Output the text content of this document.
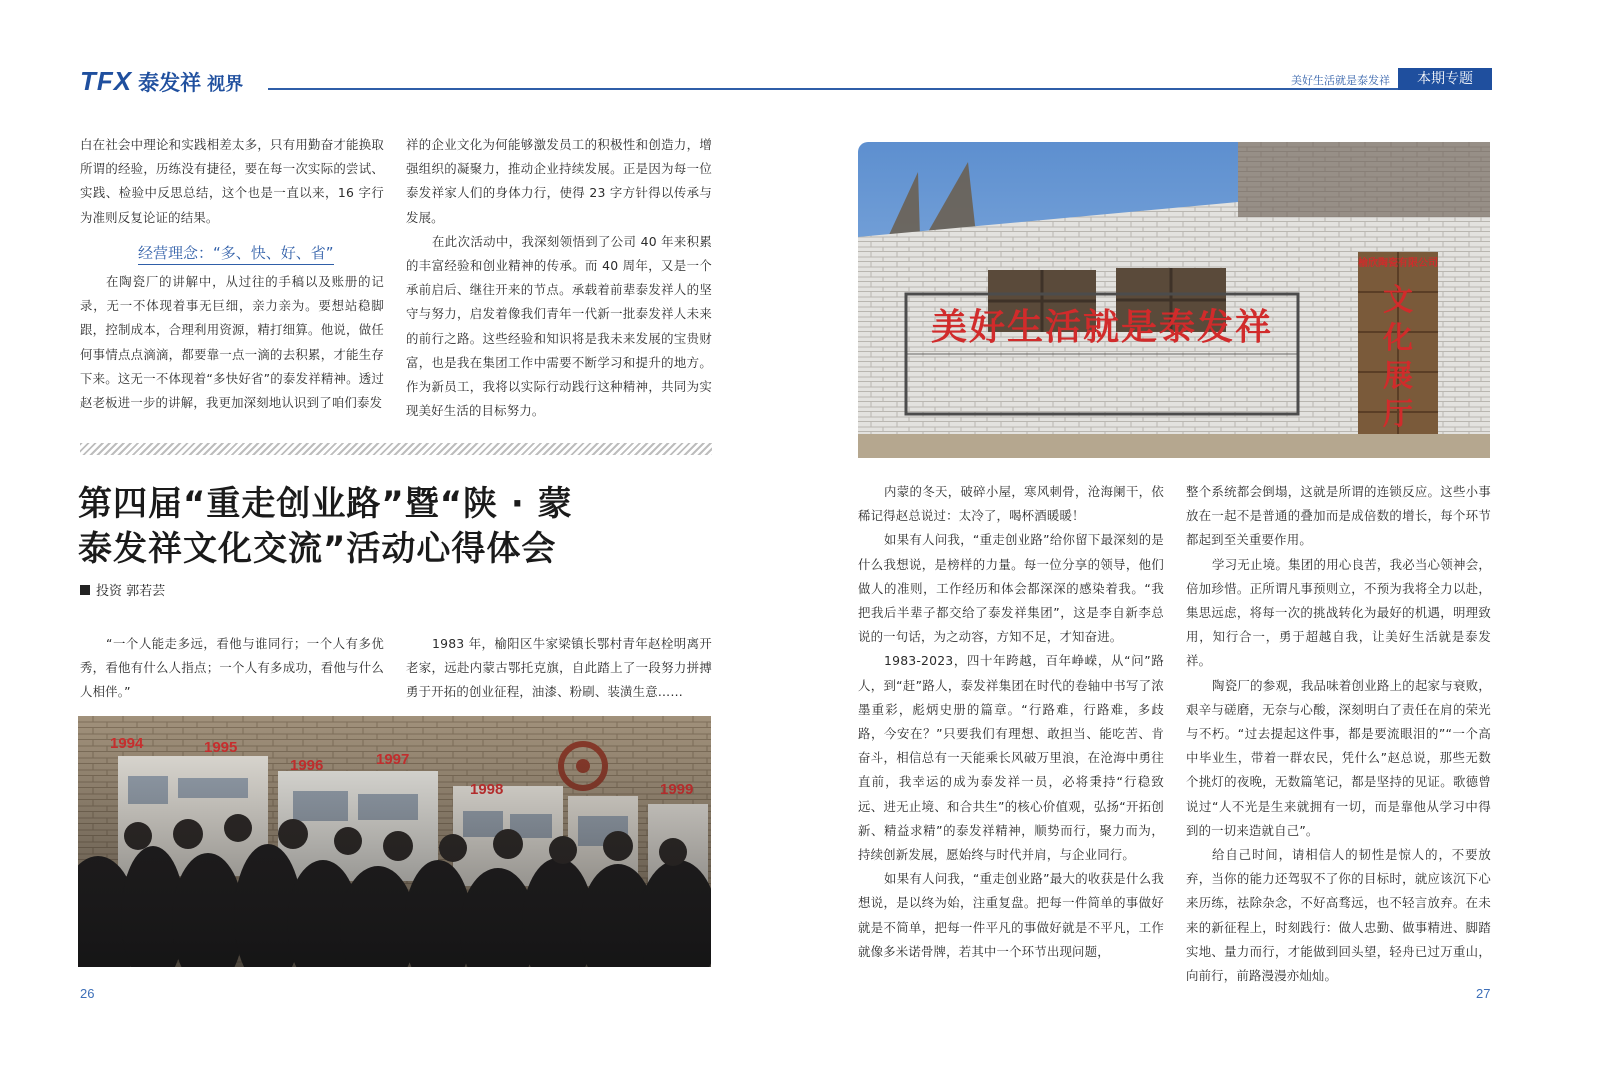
TFX 泰发祥 视界	美好生活就是泰发祥	本期专题

白在社会中理论和实践相差太多，只有用勤奋才能换取所谓的经验，历练没有捷径，要在每一次实际的尝试、实践、检验中反思总结，这个也是一直以来，16 字行为准则反复论证的结果。

经营理念：“多、快、好、省”

在陶瓷厂的讲解中，从过往的手稿以及账册的记录，无一不体现着事无巨细，亲力亲为。要想站稳脚跟，控制成本，合理利用资源，精打细算。他说，做任何事情点点滴滴，都要靠一点一滴的去积累，才能生存下来。这无一不体现着“多快好省”的泰发祥精神。透过赵老板进一步的讲解，我更加深刻地认识到了咱们泰发

祥的企业文化为何能够激发员工的积极性和创造力，增强组织的凝聚力，推动企业持续发展。正是因为每一位泰发祥家人们的身体力行，使得 23 字方针得以传承与发展。

在此次活动中，我深刻领悟到了公司 40 年来积累的丰富经验和创业精神的传承。而 40 周年，又是一个承前启后、继往开来的节点。承载着前辈泰发祥人的坚守与努力，启发着像我们青年一代新一批泰发祥人未来的前行之路。这些经验和知识将是我未来发展的宝贵财富，也是我在集团工作中需要不断学习和提升的地方。作为新员工，我将以实际行动践行这种精神，共同为实现美好生活的目标努力。

第四届“重走创业路”暨“陕 · 蒙
泰发祥文化交流”活动心得体会
投资 郭若芸

“一个人能走多远，看他与谁同行；一个人有多优秀，看他有什么人指点；一个人有多成功，看他与什么人相伴。”

1983 年，榆阳区牛家梁镇长鄂村青年赵栓明离开老家，远赴内蒙古鄂托克旗，自此踏上了一段努力拼搏勇于开拓的创业征程，油漆、粉刷、装潢生意……

美好生活就是泰发祥
榆欣陶瓷有限公司
文
化
展
厅

内蒙的冬天，破碎小屋，寒风刺骨，沧海阑干，依稀记得赵总说过：太冷了，喝杯酒暖暖！

如果有人问我，“重走创业路”给你留下最深刻的是什么我想说，是榜样的力量。每一位分享的领导，他们做人的准则，工作经历和体会都深深的感染着我。“我把我后半辈子都交给了泰发祥集团”，这是李自新李总说的一句话，为之动容，方知不足，才知奋进。

1983-2023，四十年跨越，百年峥嵘，从“问”路人，到“赶”路人，泰发祥集团在时代的卷轴中书写了浓墨重彩，彪炳史册的篇章。“行路难，行路难，多歧路，今安在？”只要我们有理想、敢担当、能吃苦、肯奋斗，相信总有一天能乘长风破万里浪，在沧海中勇往直前，我幸运的成为泰发祥一员，必将秉持“行稳致远、进无止境、和合共生”的核心价值观，弘扬“开拓创新、精益求精”的泰发祥精神，顺势而行，聚力而为，持续创新发展，愿始终与时代并肩，与企业同行。

如果有人问我，“重走创业路”最大的收获是什么我想说，是以终为始，注重复盘。把每一件简单的事做好就是不简单，把每一件平凡的事做好就是不平凡，工作就像多米诺骨牌，若其中一个环节出现问题，

整个系统都会倒塌，这就是所谓的连锁反应。这些小事放在一起不是普通的叠加而是成倍数的增长，每个环节都起到至关重要作用。

学习无止境。集团的用心良苦，我必当心领神会，倍加珍惜。正所谓凡事预则立，不预为我将全力以赴，集思远虑，将每一次的挑战转化为最好的机遇，明理致用，知行合一，勇于超越自我，让美好生活就是泰发祥。

陶瓷厂的参观，我品味着创业路上的起家与衰败，艰辛与磋磨，无奈与心酸，深刻明白了责任在肩的荣光与不朽。“过去提起这件事，都是要流眼泪的”“一个高中毕业生，带着一群农民，凭什么”赵总说，那些无数个挑灯的夜晚，无数篇笔记，都是坚持的见证。歌德曾说过“人不光是生来就拥有一切，而是靠他从学习中得到的一切来造就自己”。

给自己时间，请相信人的韧性是惊人的，不要放弃，当你的能力还驾驭不了你的目标时，就应该沉下心来历练，祛除杂念，不好高骛远，也不轻言放弃。在未来的新征程上，时刻践行：做人忠勤、做事精进、脚踏实地、量力而行，才能做到回头望，轻舟已过万重山，向前行，前路漫漫亦灿灿。

26	27
